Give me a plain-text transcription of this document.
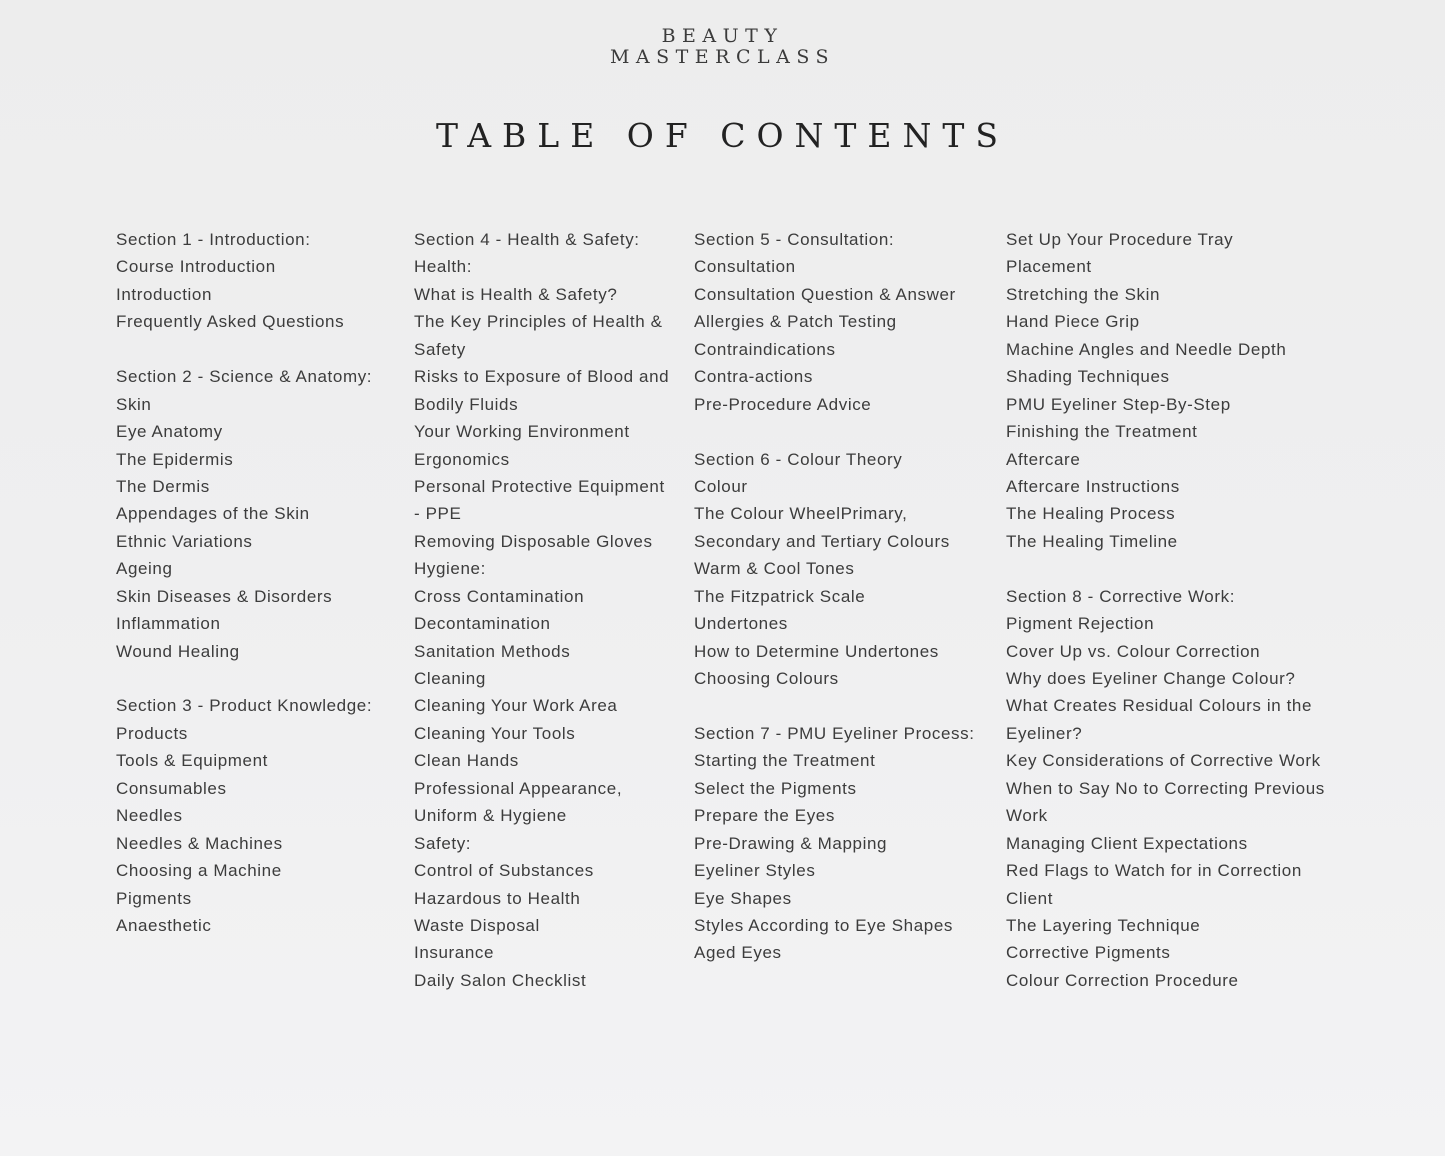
BEAUTY
MASTERCLASS
TABLE OF CONTENTS
Section 1 - Introduction:
Course Introduction
Introduction
Frequently Asked Questions
Section 2 - Science & Anatomy:
Skin
Eye Anatomy
The Epidermis
The Dermis
Appendages of the Skin
Ethnic Variations
Ageing
Skin Diseases & Disorders
Inflammation
Wound Healing
Section 3 - Product Knowledge:
Products
Tools & Equipment
Consumables
Needles
Needles & Machines
Choosing a Machine
Pigments
Anaesthetic
Section 4 - Health & Safety:
Health:
What is Health & Safety?
The Key Principles of Health &
Safety
Risks to Exposure of Blood and
Bodily Fluids
Your Working Environment
Ergonomics
Personal Protective Equipment
- PPE
Removing Disposable Gloves
Hygiene:
Cross Contamination
Decontamination
Sanitation Methods
Cleaning
Cleaning Your Work Area
Cleaning Your Tools
Clean Hands
Professional Appearance,
Uniform & Hygiene
Safety:
Control of Substances
Hazardous to Health
Waste Disposal
Insurance
Daily Salon Checklist
Section 5 - Consultation:
Consultation
Consultation Question & Answer
Allergies & Patch Testing
Contraindications
Contra-actions
Pre-Procedure Advice
Section 6 - Colour Theory
Colour
The Colour WheelPrimary,
Secondary and Tertiary Colours
Warm & Cool Tones
The Fitzpatrick Scale
Undertones
How to Determine Undertones
Choosing Colours
Section 7 - PMU Eyeliner Process:
Starting the Treatment
Select the Pigments
Prepare the Eyes
Pre-Drawing & Mapping
Eyeliner Styles
Eye Shapes
Styles According to Eye Shapes
Aged Eyes
Set Up Your Procedure Tray
Placement
Stretching the Skin
Hand Piece Grip
Machine Angles and Needle Depth
Shading Techniques
PMU Eyeliner Step-By-Step
Finishing the Treatment
Aftercare
Aftercare Instructions
The Healing Process
The Healing Timeline
Section 8 - Corrective Work:
Pigment Rejection
Cover Up vs. Colour Correction
Why does Eyeliner Change Colour?
What Creates Residual Colours in the
Eyeliner?
Key Considerations of Corrective Work
When to Say No to Correcting Previous
Work
Managing Client Expectations
Red Flags to Watch for in Correction
Client
The Layering Technique
Corrective Pigments
Colour Correction Procedure
